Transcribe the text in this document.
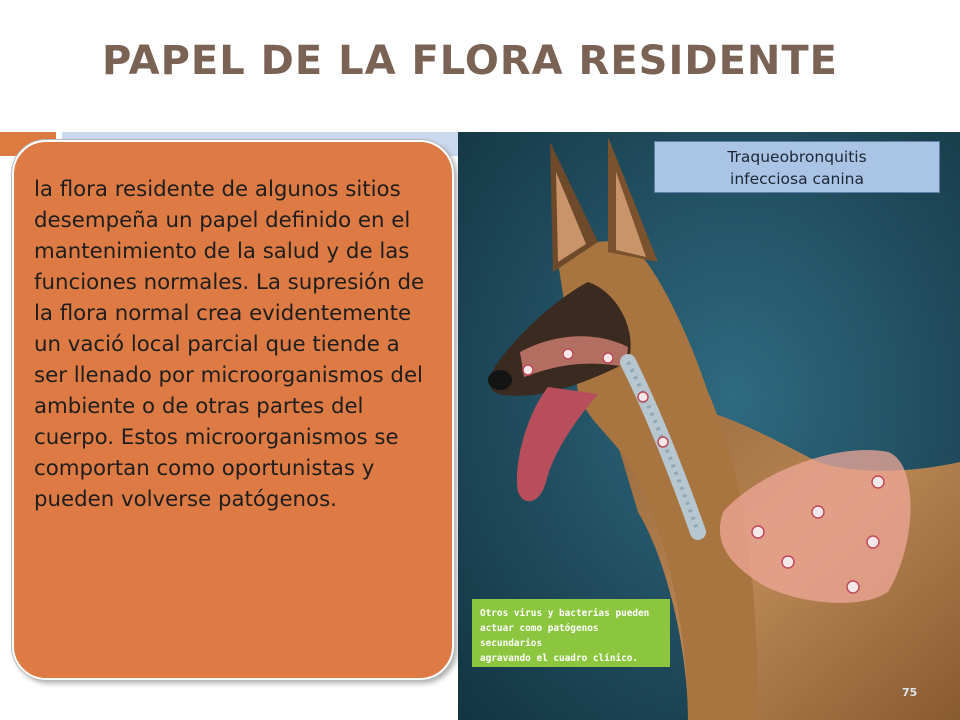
PAPEL DE LA FLORA RESIDENTE

la flora residente de algunos sitios desempeña un papel definido en el mantenimiento de la salud y de las funciones normales. La supresión de la flora normal crea evidentemente un vació local parcial que tiende a ser llenado por microorganismos del ambiente o de otras partes del cuerpo. Estos microorganismos se comportan como oportunistas y pueden volverse patógenos.

Traqueobronquitis
infecciosa canina

Otros virus y bacterias pueden

actuar como patógenos secundarios

agravando el cuadro clínico.

75
